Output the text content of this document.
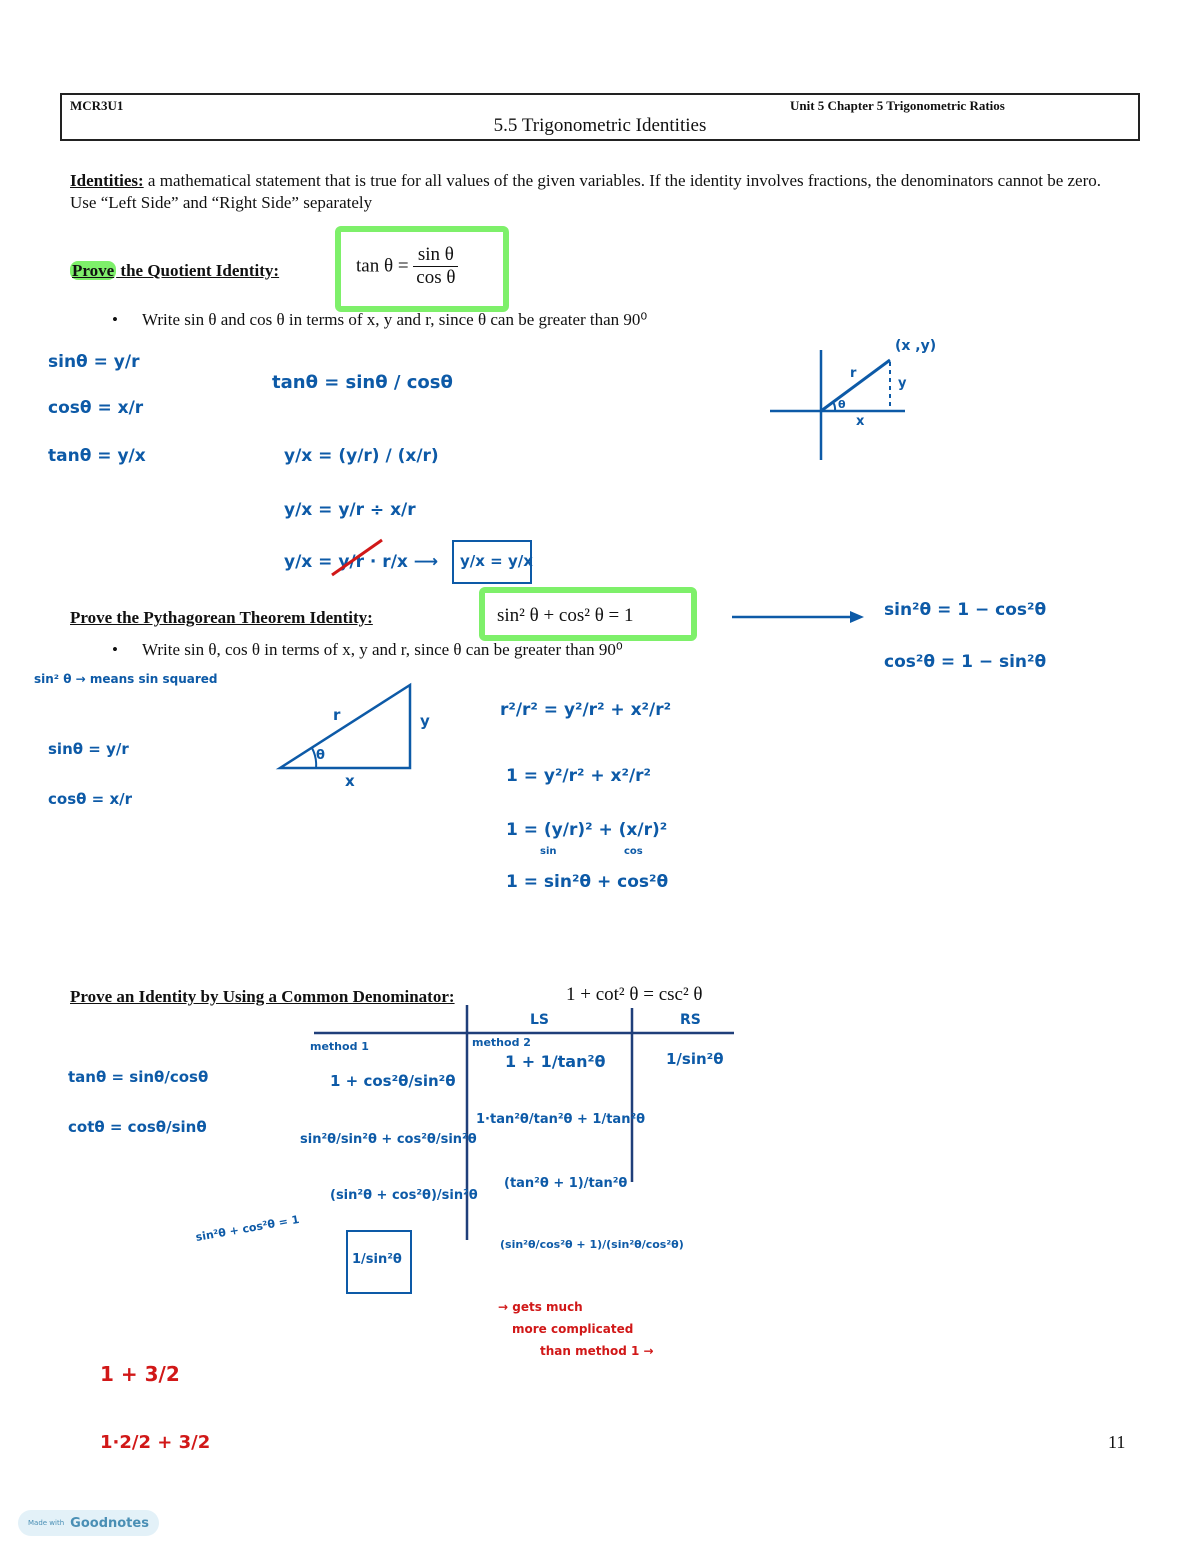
MCR3U1	Unit 5 Chapter 5 Trigonometric Ratios
5.5 Trigonometric Identities
Identities: a mathematical statement that is true for all values of the given variables. If the identity involves fractions, the denominators cannot be zero. Use “Left Side” and “Right Side” separately
Prove the Quotient Identity:	$\tan \theta = \frac{\text{sin θ}}{\text{cos θ}}$
• Write sin θ and cos θ in terms of x, y and r, since θ can be greater than 90⁰
sinθ = y/r
cosθ = x/r
tanθ = y/x
tanθ = sinθ / cosθ
y/x = (y/r) / (x/r)
y/x = y/r ÷ x/r
y/x = y/r · r/x ⟶ y/x = y/x
(x ,y)
r
y
x
θ
Prove the Pythagorean Theorem Identity:	sin² θ + cos² θ = 1
• Write sin θ, cos θ in terms of x, y and r, since θ can be greater than 90⁰
sin²θ = 1 − cos²θ
cos²θ = 1 − sin²θ
sin² θ → means sin squared
sinθ = y/r
cosθ = x/r
r	y
x
θ
r²/r² = y²/r² + x²/r²
1 = y²/r² + x²/r²
1 = (y/r)² + (x/r)²
sin	cos
1 = sin²θ + cos²θ
Prove an Identity by Using a Common Denominator:	1 + cot² θ = csc² θ
LS	RS
tanθ = sinθ/cosθ
cotθ = cosθ/sinθ
method 1
1 + cos²θ/sin²θ
sin²θ/sin²θ + cos²θ/sin²θ
(sin²θ + cos²θ)/sin²θ
sin²θ + cos²θ = 1
1/sin²θ
method 2
1 + 1/tan²θ
1·tan²θ/tan²θ + 1/tan²θ
(tan²θ + 1)/tan²θ
(sin²θ/cos²θ + 1)/(sin²θ/cos²θ)
1/sin²θ
→ gets much
more complicated
than method 1 →
1 + 3/2
1·2/2 + 3/2	11
Made with Goodnotes
